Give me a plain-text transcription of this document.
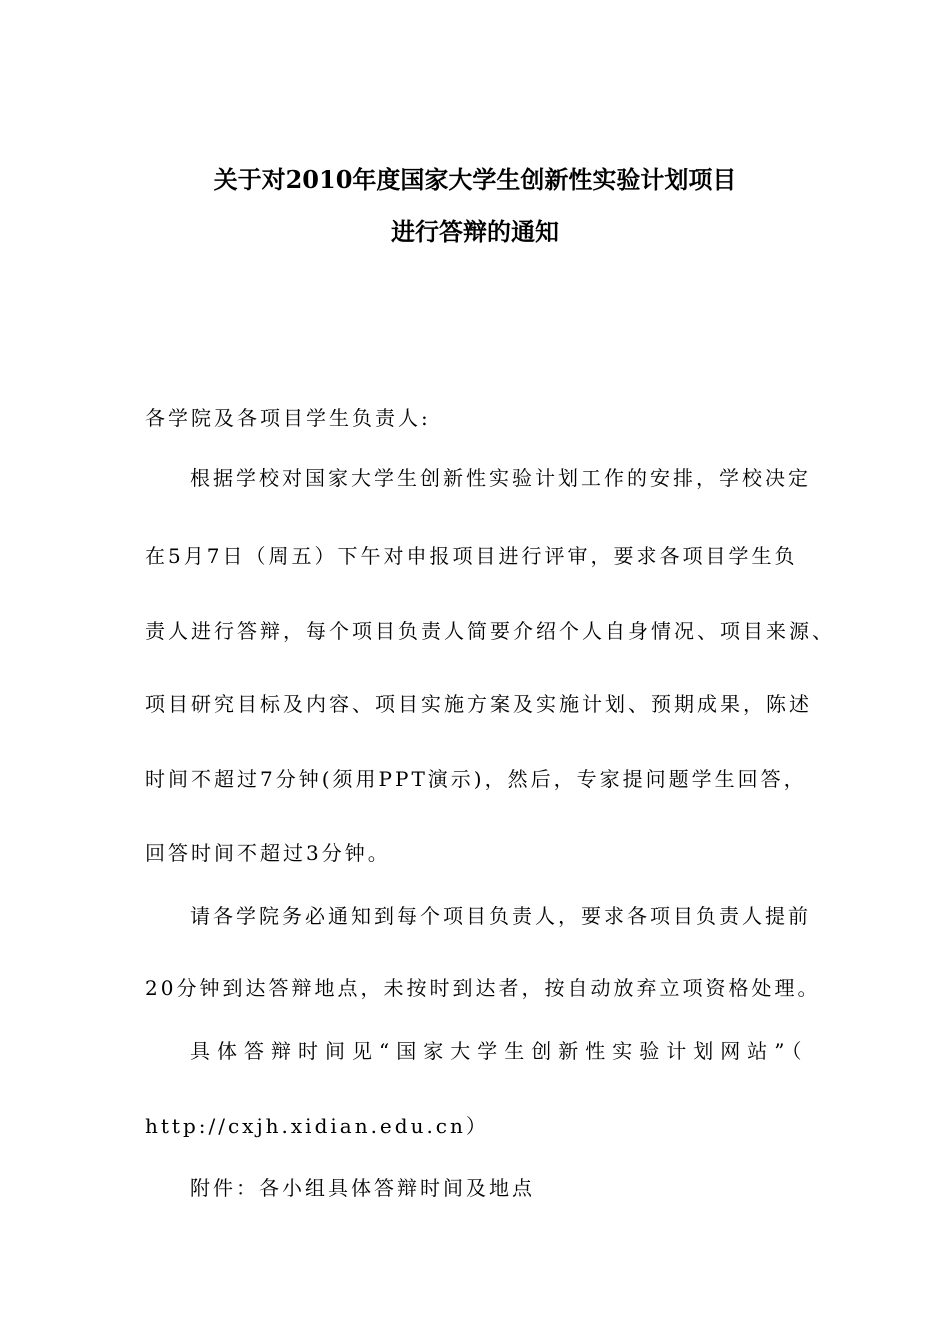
关于对2010年度国家大学生创新性实验计划项目
进行答辩的通知
各学院及各项目学生负责人:
根据学校对国家大学生创新性实验计划工作的安排，学校决定
在5月7日（周五）下午对申报项目进行评审，要求各项目学生负
责人进行答辩，每个项目负责人简要介绍个人自身情况、项目来源、
项目研究目标及内容、项目实施方案及实施计划、预期成果，陈述
时间不超过7分钟(须用PPT演示)，然后，专家提问题学生回答，
回答时间不超过3分钟。
请各学院务必通知到每个项目负责人，要求各项目负责人提前
20分钟到达答辩地点，未按时到达者，按自动放弃立项资格处理。
具体答辩时间见“国家大学生创新性实验计划网站”（
http://cxjh.xidian.edu.cn）
附件：各小组具体答辩时间及地点
